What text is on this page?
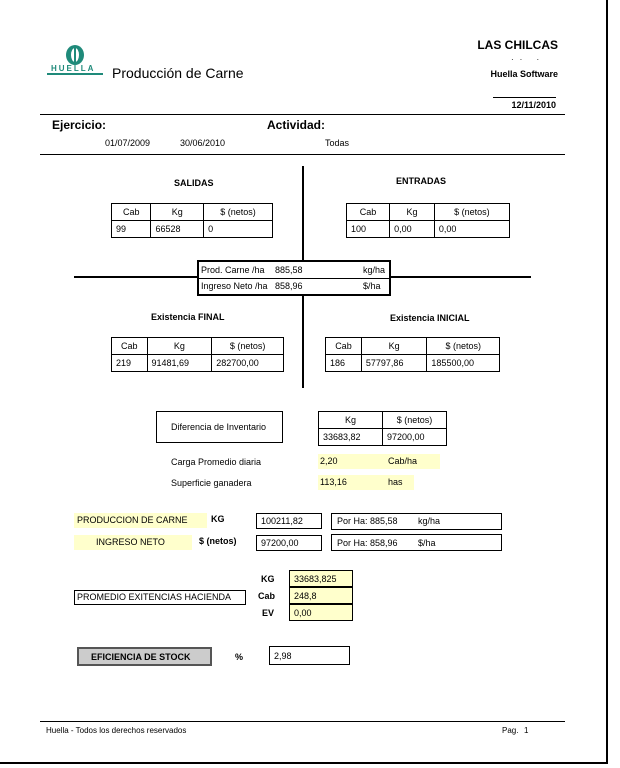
HUELLA Producción de Carne
LAS CHILCAS
·· ·
Huella Software
12/11/2010
Ejercicio:
01/07/2009	30/06/2010
Actividad:
Todas
SALIDAS
Cab	Kg	$ (netos)
99	66528	0
ENTRADAS
Cab	Kg	$ (netos)
100	0,00	0,00
Prod. Carne /ha 885,58	kg/ha
Ingreso Neto /ha 858,96	$/ha
Existencia FINAL
Cab	Kg	$ (netos)
219	91481,69	282700,00
Existencia INICIAL
Cab	Kg	$ (netos)
186	57797,86	185500,00
Diferencia de Inventario
Kg	$ (netos)
33683,82	97200,00
Carga Promedio diaria	2,20	Cab/ha
Superficie ganadera	113,16	has
PRODUCCION DE CARNE	KG	100211,82	Por Ha: 885,58 kg/ha
INGRESO NETO	$ (netos)	97200,00	Por Ha: 858,96 $/ha
PROMEDIO EXITENCIAS HACIENDA
KG 33683,825
Cab 248,8
EV 0,00
EFICIENCIA DE STOCK	%	2,98
Huella - Todos los derechos reservados	Pag. 1
